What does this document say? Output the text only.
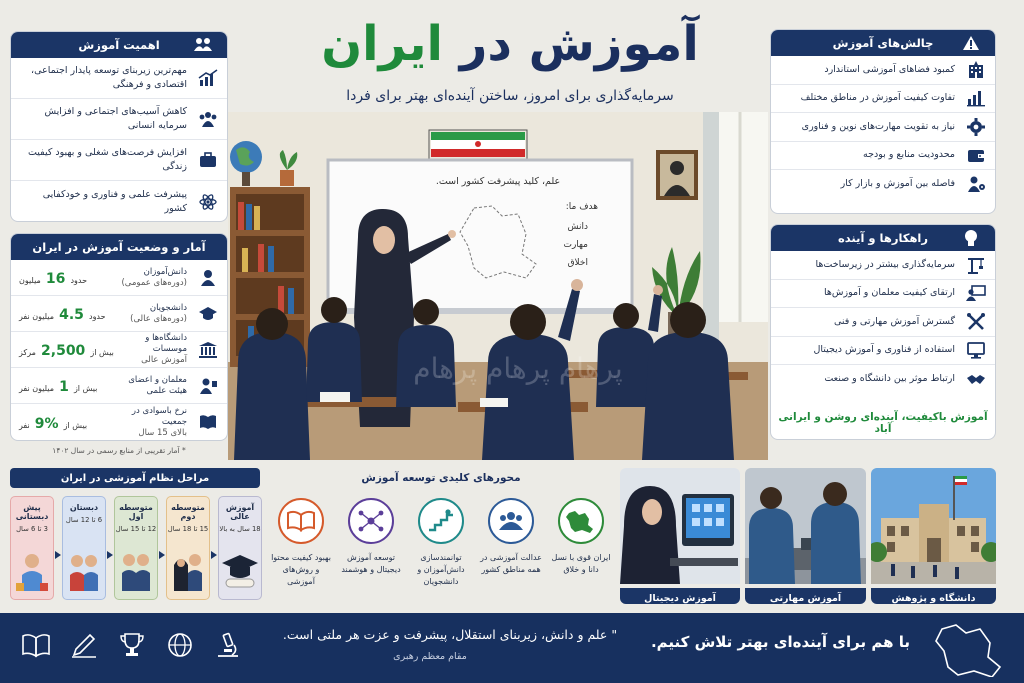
آموزش در ایران
سرمایه‌گذاری برای امروز، ساختن آینده‌ای بهتر برای فردا
علم، کلید پیشرفت کشور است.
هدف ما:
دانش
مهارت
اخلاق
پرهام پرهام پرهام
اهمیت آموزش
مهم‌ترین زیربنای توسعه پایدار اجتماعی، اقتصادی و فرهنگی
کاهش آسیب‌های اجتماعی و افزایش سرمایه انسانی
افزایش فرصت‌های شغلی و بهبود کیفیت زندگی
پیشرفت علمی و فناوری و خودکفایی کشور
آمار و وضعیت آموزش در ایران
دانش‌آموزان
(دوره‌های عمومی)
حدود 16 میلیون
دانشجویان
(دوره‌های عالی)
حدود 4.5 میلیون نفر
دانشگاه‌ها و موسسات
آموزش عالی
بیش از 2,500 مرکز
معلمان و اعضای هیئت علمی

بیش از 1 میلیون نفر
نرخ باسوادی در جمعیت
بالای 15 سال
بیش از %9 نفر
* آمار تقریبی از منابع رسمی در سال ۱۴۰۲
چالش‌های آموزش
کمبود فضاهای آموزشی استاندارد
تفاوت کیفیت آموزش در مناطق مختلف
نیاز به تقویت مهارت‌های نوین و فناوری
محدودیت منابع و بودجه
فاصله بین آموزش و بازار کار
راهکارها و آینده
سرمایه‌گذاری بیشتر در زیرساخت‌ها
ارتقای کیفیت معلمان و آموزش‌ها
گسترش آموزش مهارتی و فنی
استفاده از فناوری و آموزش دیجیتال
ارتباط موثر بین دانشگاه و صنعت
آموزش باکیفیت، آینده‌ای روشن و ایرانی آباد
مراحل نظام آموزشی در ایران
پیش دبستانی
3 تا 6 سال
دبستان
6 تا 12 سال
متوسطه اول
12 تا 15 سال
متوسطه دوم
15 تا 18 سال
آموزش عالی
18 سال به بالا
محورهای کلیدی توسعه آموزش
ایران قوی با نسل دانا و خلاق
عدالت آموزشی در همه مناطق کشور
توانمندسازی دانش‌آموزان و دانشجویان
توسعه آموزش دیجیتال و هوشمند
بهبود کیفیت محتوا و روش‌های آموزشی
دانشگاه و پژوهش
آموزش مهارتی
آموزش دیجیتال
" علم و دانش، زیربنای استقلال، پیشرفت و عزت هر ملتی است.
مقام معظم رهبری
با هم برای آینده‌ای بهتر تلاش کنیم.
